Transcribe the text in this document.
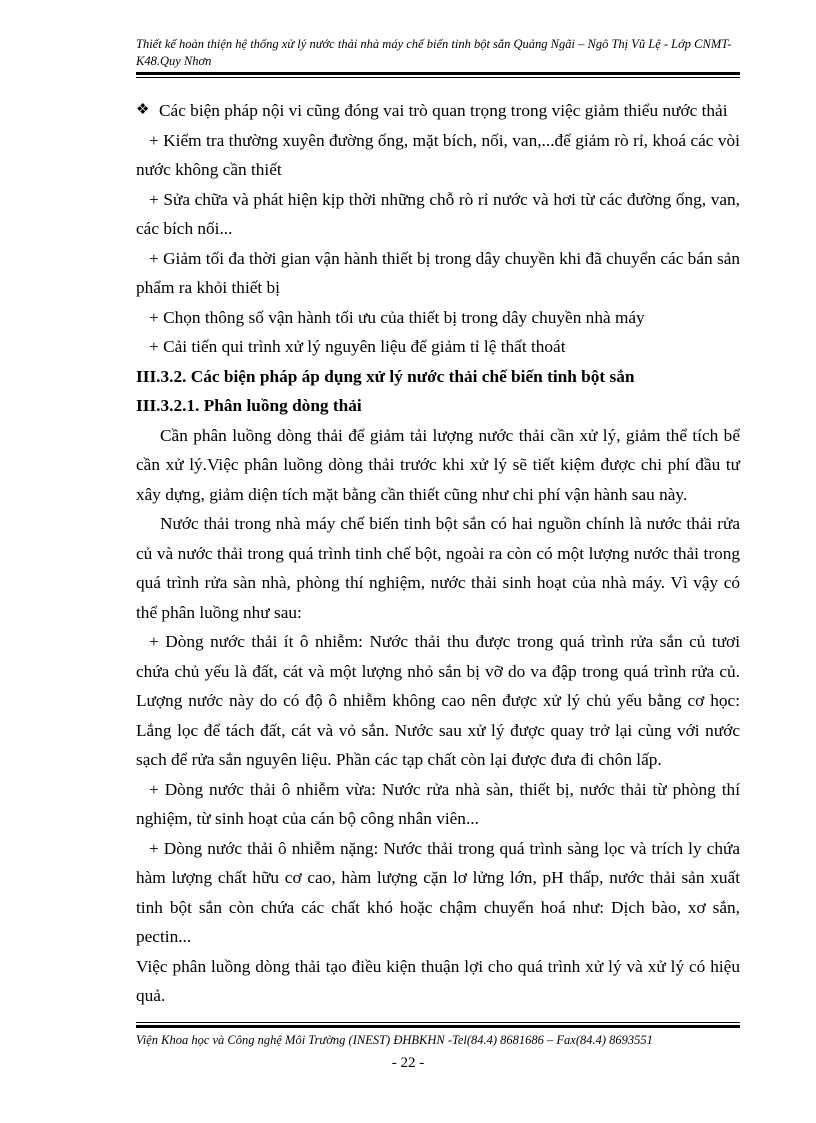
Thiết kế hoàn thiện hệ thống xử lý nước thải nhà máy chế biến tinh bột sắn Quảng Ngãi – Ngô Thị Vũ Lệ - Lớp CNMT-K48.Quy Nhơn
❖ Các biện pháp nội vi cũng đóng vai trò quan trọng trong việc giảm thiểu nước thải

+ Kiểm tra thường xuyên đường ống, mặt bích, nối, van,...để giảm rò rỉ, khoá các vòi nước không cần thiết

+ Sửa chữa và phát hiện kịp thời những chỗ rò rỉ nước và hơi từ các đường ống, van, các bích nối...

+ Giảm tối đa thời gian vận hành thiết bị trong dây chuyền khi đã chuyển các bán sản phẩm ra khỏi thiết bị

+ Chọn thông số vận hành tối ưu của thiết bị trong dây chuyền nhà máy

+ Cải tiến qui trình xử lý nguyên liệu để giảm tỉ lệ thất thoát

III.3.2. Các biện pháp áp dụng xử lý nước thải chế biến tinh bột sắn

III.3.2.1. Phân luồng dòng thải

Cần phân luồng dòng thải để giảm tải lượng nước thải cần xử lý, giảm thể tích bể cần xử lý.Việc phân luồng dòng thải trước khi xử lý sẽ tiết kiệm được chi phí đầu tư xây dựng, giảm diện tích mặt bằng cần thiết cũng như chi phí vận hành sau này.

Nước thải trong nhà máy chế biến tinh bột sắn có hai nguồn chính là nước thải rửa củ và nước thải trong quá trình tinh chế bột, ngoài ra còn có một lượng nước thải trong quá trình rửa sàn nhà, phòng thí nghiệm, nước thải sinh hoạt của nhà máy. Vì vậy có thể phân luồng như sau:

+ Dòng nước thải ít ô nhiễm: Nước thải thu được trong quá trình rửa sắn củ tươi chứa chủ yếu là đất, cát và một lượng nhỏ sắn bị vỡ do va đập trong quá trình rửa củ. Lượng nước này do có độ ô nhiễm không cao nên được xử lý chủ yếu bằng cơ học: Lắng lọc để tách đất, cát và vỏ sắn. Nước sau xử lý được quay trở lại cùng với nước sạch để rửa sắn nguyên liệu. Phần các tạp chất còn lại được đưa đi chôn lấp.

+ Dòng nước thải ô nhiễm vừa: Nước rửa nhà sàn, thiết bị, nước thải từ phòng thí nghiệm, từ sinh hoạt của cán bộ công nhân viên...

+ Dòng nước thải ô nhiễm nặng: Nước thải trong quá trình sàng lọc và trích ly chứa hàm lượng chất hữu cơ cao, hàm lượng cặn lơ lửng lớn, pH thấp, nước thải sản xuất tinh bột sắn còn chứa các chất khó hoặc chậm chuyển hoá như: Dịch bào, xơ sắn, pectin...

Việc phân luồng dòng thải tạo điều kiện thuận lợi cho quá trình xử lý và xử lý có hiệu quả.

Viện Khoa học và Công nghệ Môi Trường (INEST) ĐHBKHN -Tel(84.4) 8681686 – Fax(84.4) 8693551
- 22 -
